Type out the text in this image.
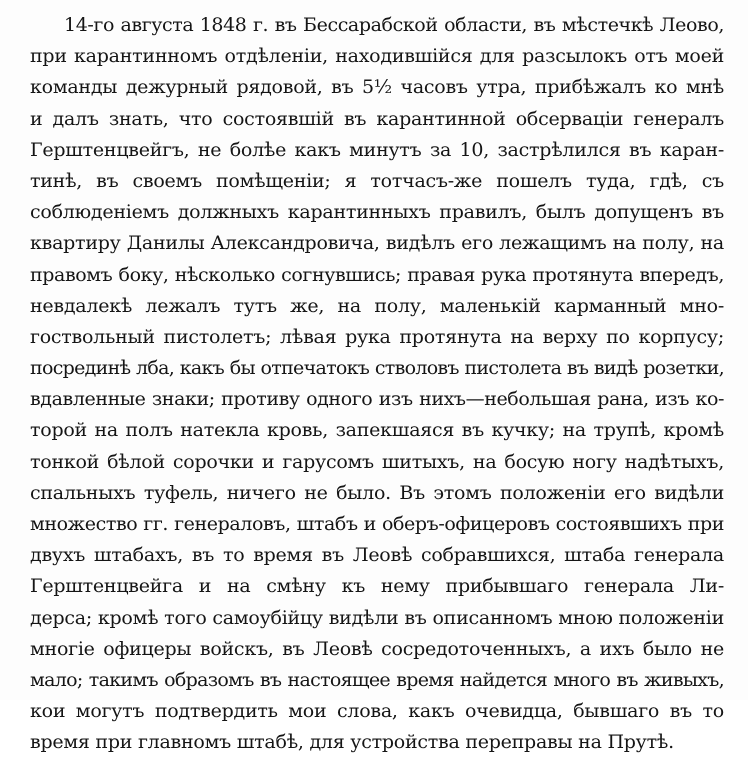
14-го августа 1848 г. въ Бессарабской области, въ мѣстечкѣ Леово,
при карантинномъ отдѣленіи, находившійся для разсылокъ отъ моей
команды дежурный рядовой, въ 5½ часовъ утра, прибѣжалъ ко мнѣ
и далъ знать, что состоявшій въ карантинной обсерваціи генералъ
Герштенцвейгъ, не болѣе какъ минутъ за 10, застрѣлился въ каран-
тинѣ, въ своемъ помѣщеніи; я тотчасъ-же пошелъ туда, гдѣ, съ
соблюденіемъ должныхъ карантинныхъ правилъ, былъ допущенъ въ
квартиру Данилы Александровича, видѣлъ его лежащимъ на полу, на
правомъ боку, нѣсколько согнувшись; правая рука протянута впередъ,
невдалекѣ лежалъ тутъ же, на полу, маленькій карманный мно-
гоствольный пистолетъ; лѣвая рука протянута на верху по корпусу;
посрединѣ лба, какъ бы отпечатокъ стволовъ пистолета въ видѣ розетки,
вдавленные знаки; противу одного изъ нихъ—небольшая рана, изъ ко-
торой на полъ натекла кровь, запекшаяся въ кучку; на трупѣ, кромѣ
тонкой бѣлой сорочки и гарусомъ шитыхъ, на босую ногу надѣтыхъ,
спальныхъ туфель, ничего не было. Въ этомъ положеніи его видѣли
множество гг. генераловъ, штабъ и оберъ-офицеровъ состоявшихъ при
двухъ штабахъ, въ то время въ Леовѣ собравшихся, штаба генерала
Герштенцвейга и на смѣну къ нему прибывшаго генерала Ли-
дерса; кромѣ того самоубійцу видѣли въ описанномъ мною положеніи
многіе офицеры войскъ, въ Леовѣ сосредоточенныхъ, а ихъ было не
мало; такимъ образомъ въ настоящее время найдется много въ живыхъ,
кои могутъ подтвердить мои слова, какъ очевидца, бывшаго въ то
время при главномъ штабѣ, для устройства переправы на Прутѣ.
